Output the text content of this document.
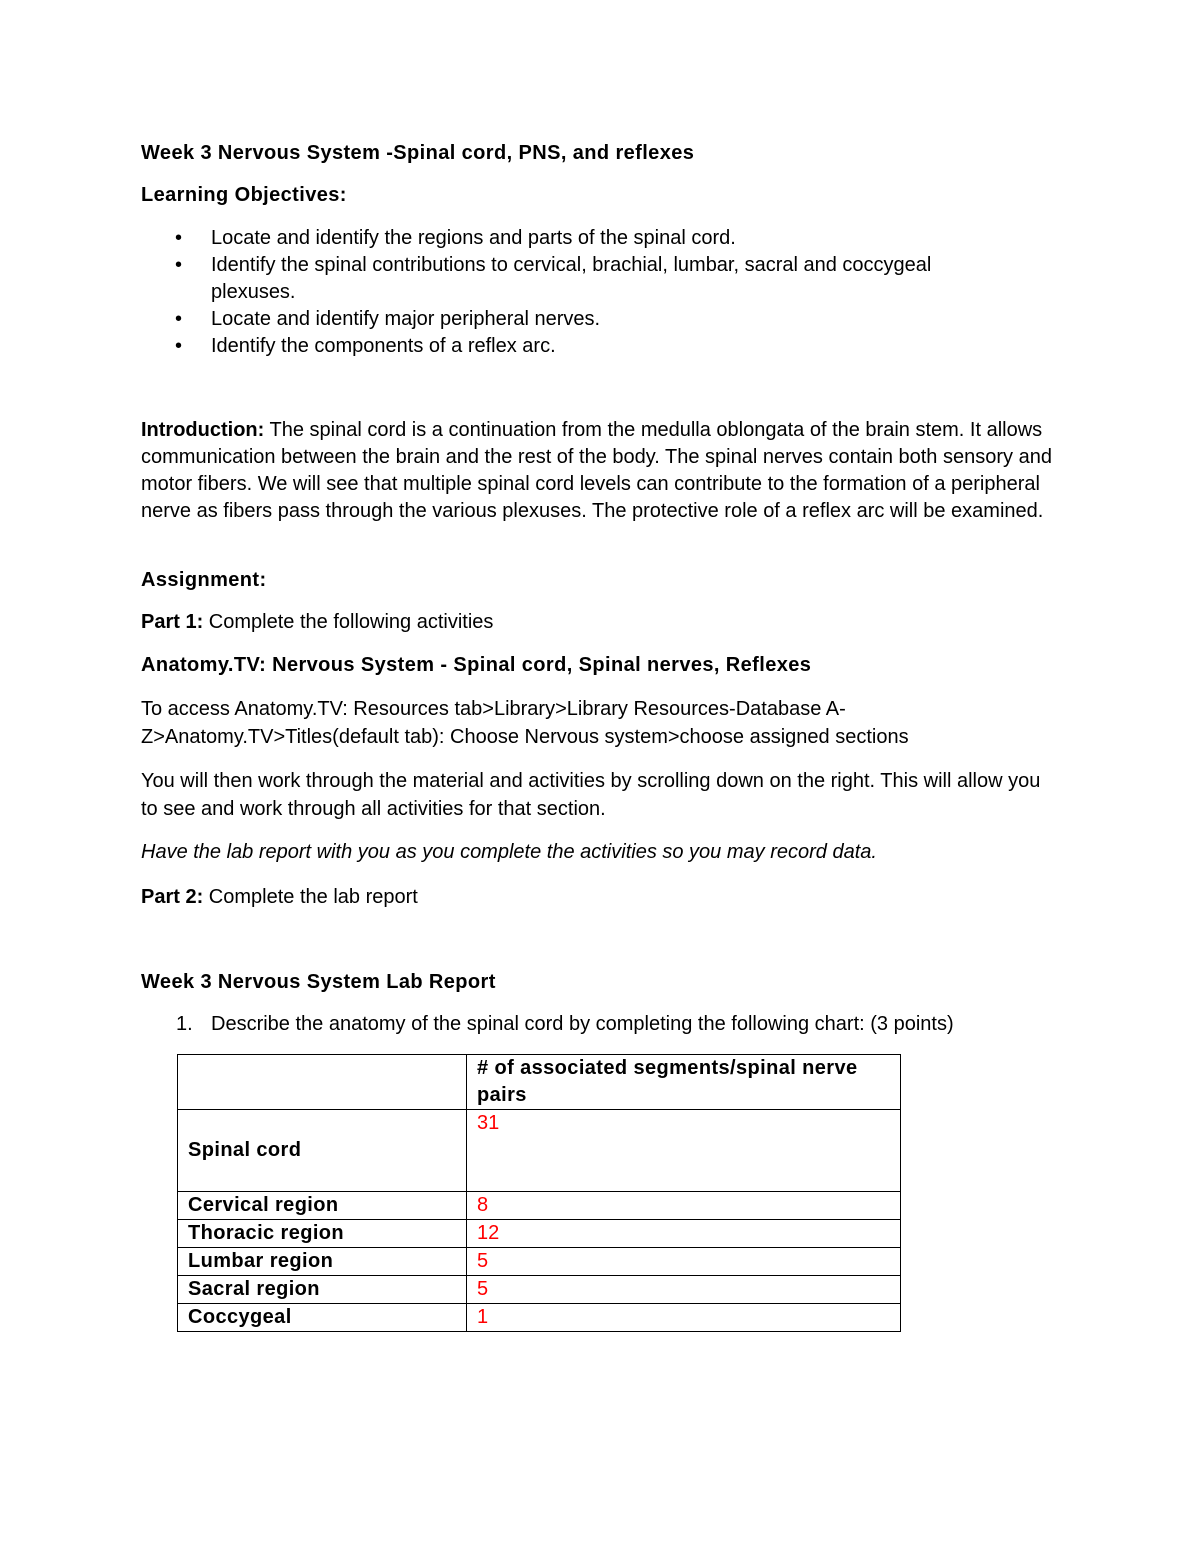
Week 3 Nervous System -Spinal cord, PNS, and reflexes

Learning Objectives:

•	Locate and identify the regions and parts of the spinal cord.
•	Identify the spinal contributions to cervical, brachial, lumbar, sacral and coccygeal
plexuses.
•	Locate and identify major peripheral nerves.
•	Identify the components of a reflex arc.

Introduction: The spinal cord is a continuation from the medulla oblongata of the brain stem. It allows communication between the brain and the rest of the body. The spinal nerves contain both sensory and motor fibers. We will see that multiple spinal cord levels can contribute to the formation of a peripheral nerve as fibers pass through the various plexuses. The protective role of a reflex arc will be examined.

Assignment:

Part 1: Complete the following activities

Anatomy.TV: Nervous System - Spinal cord, Spinal nerves, Reflexes

To access Anatomy.TV: Resources tab>Library>Library Resources-Database A-Z>Anatomy.TV>Titles(default tab): Choose Nervous system>choose assigned sections

You will then work through the material and activities by scrolling down on the right. This will allow you to see and work through all activities for that section.

Have the lab report with you as you complete the activities so you may record data.

Part 2: Complete the lab report

Week 3 Nervous System Lab Report

1. Describe the anatomy of the spinal cord by completing the following chart: (3 points)
	# of associated segments/spinal nerve pairs
Spinal cord	31
Cervical region	8
Thoracic region	12
Lumbar region	5
Sacral region	5
Coccygeal	1
